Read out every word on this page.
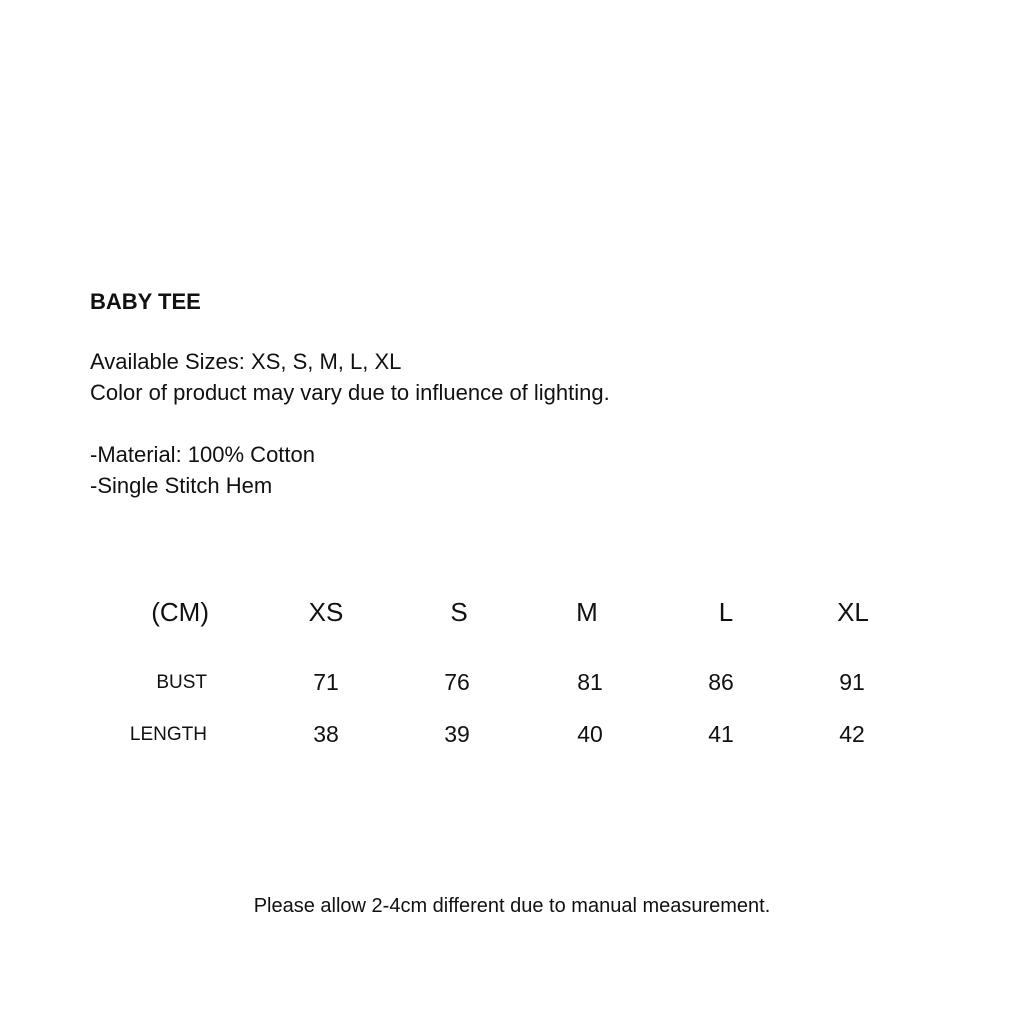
BABY TEE
Available Sizes: XS, S, M, L, XL
Color of product may vary due to influence of lighting.
-Material: 100% Cotton
-Single Stitch Hem
(CM)	XS	S	M	L	XL
BUST	71	76	81	86	91
LENGTH	38	39	40	41	42
Please allow 2-4cm different due to manual measurement.
